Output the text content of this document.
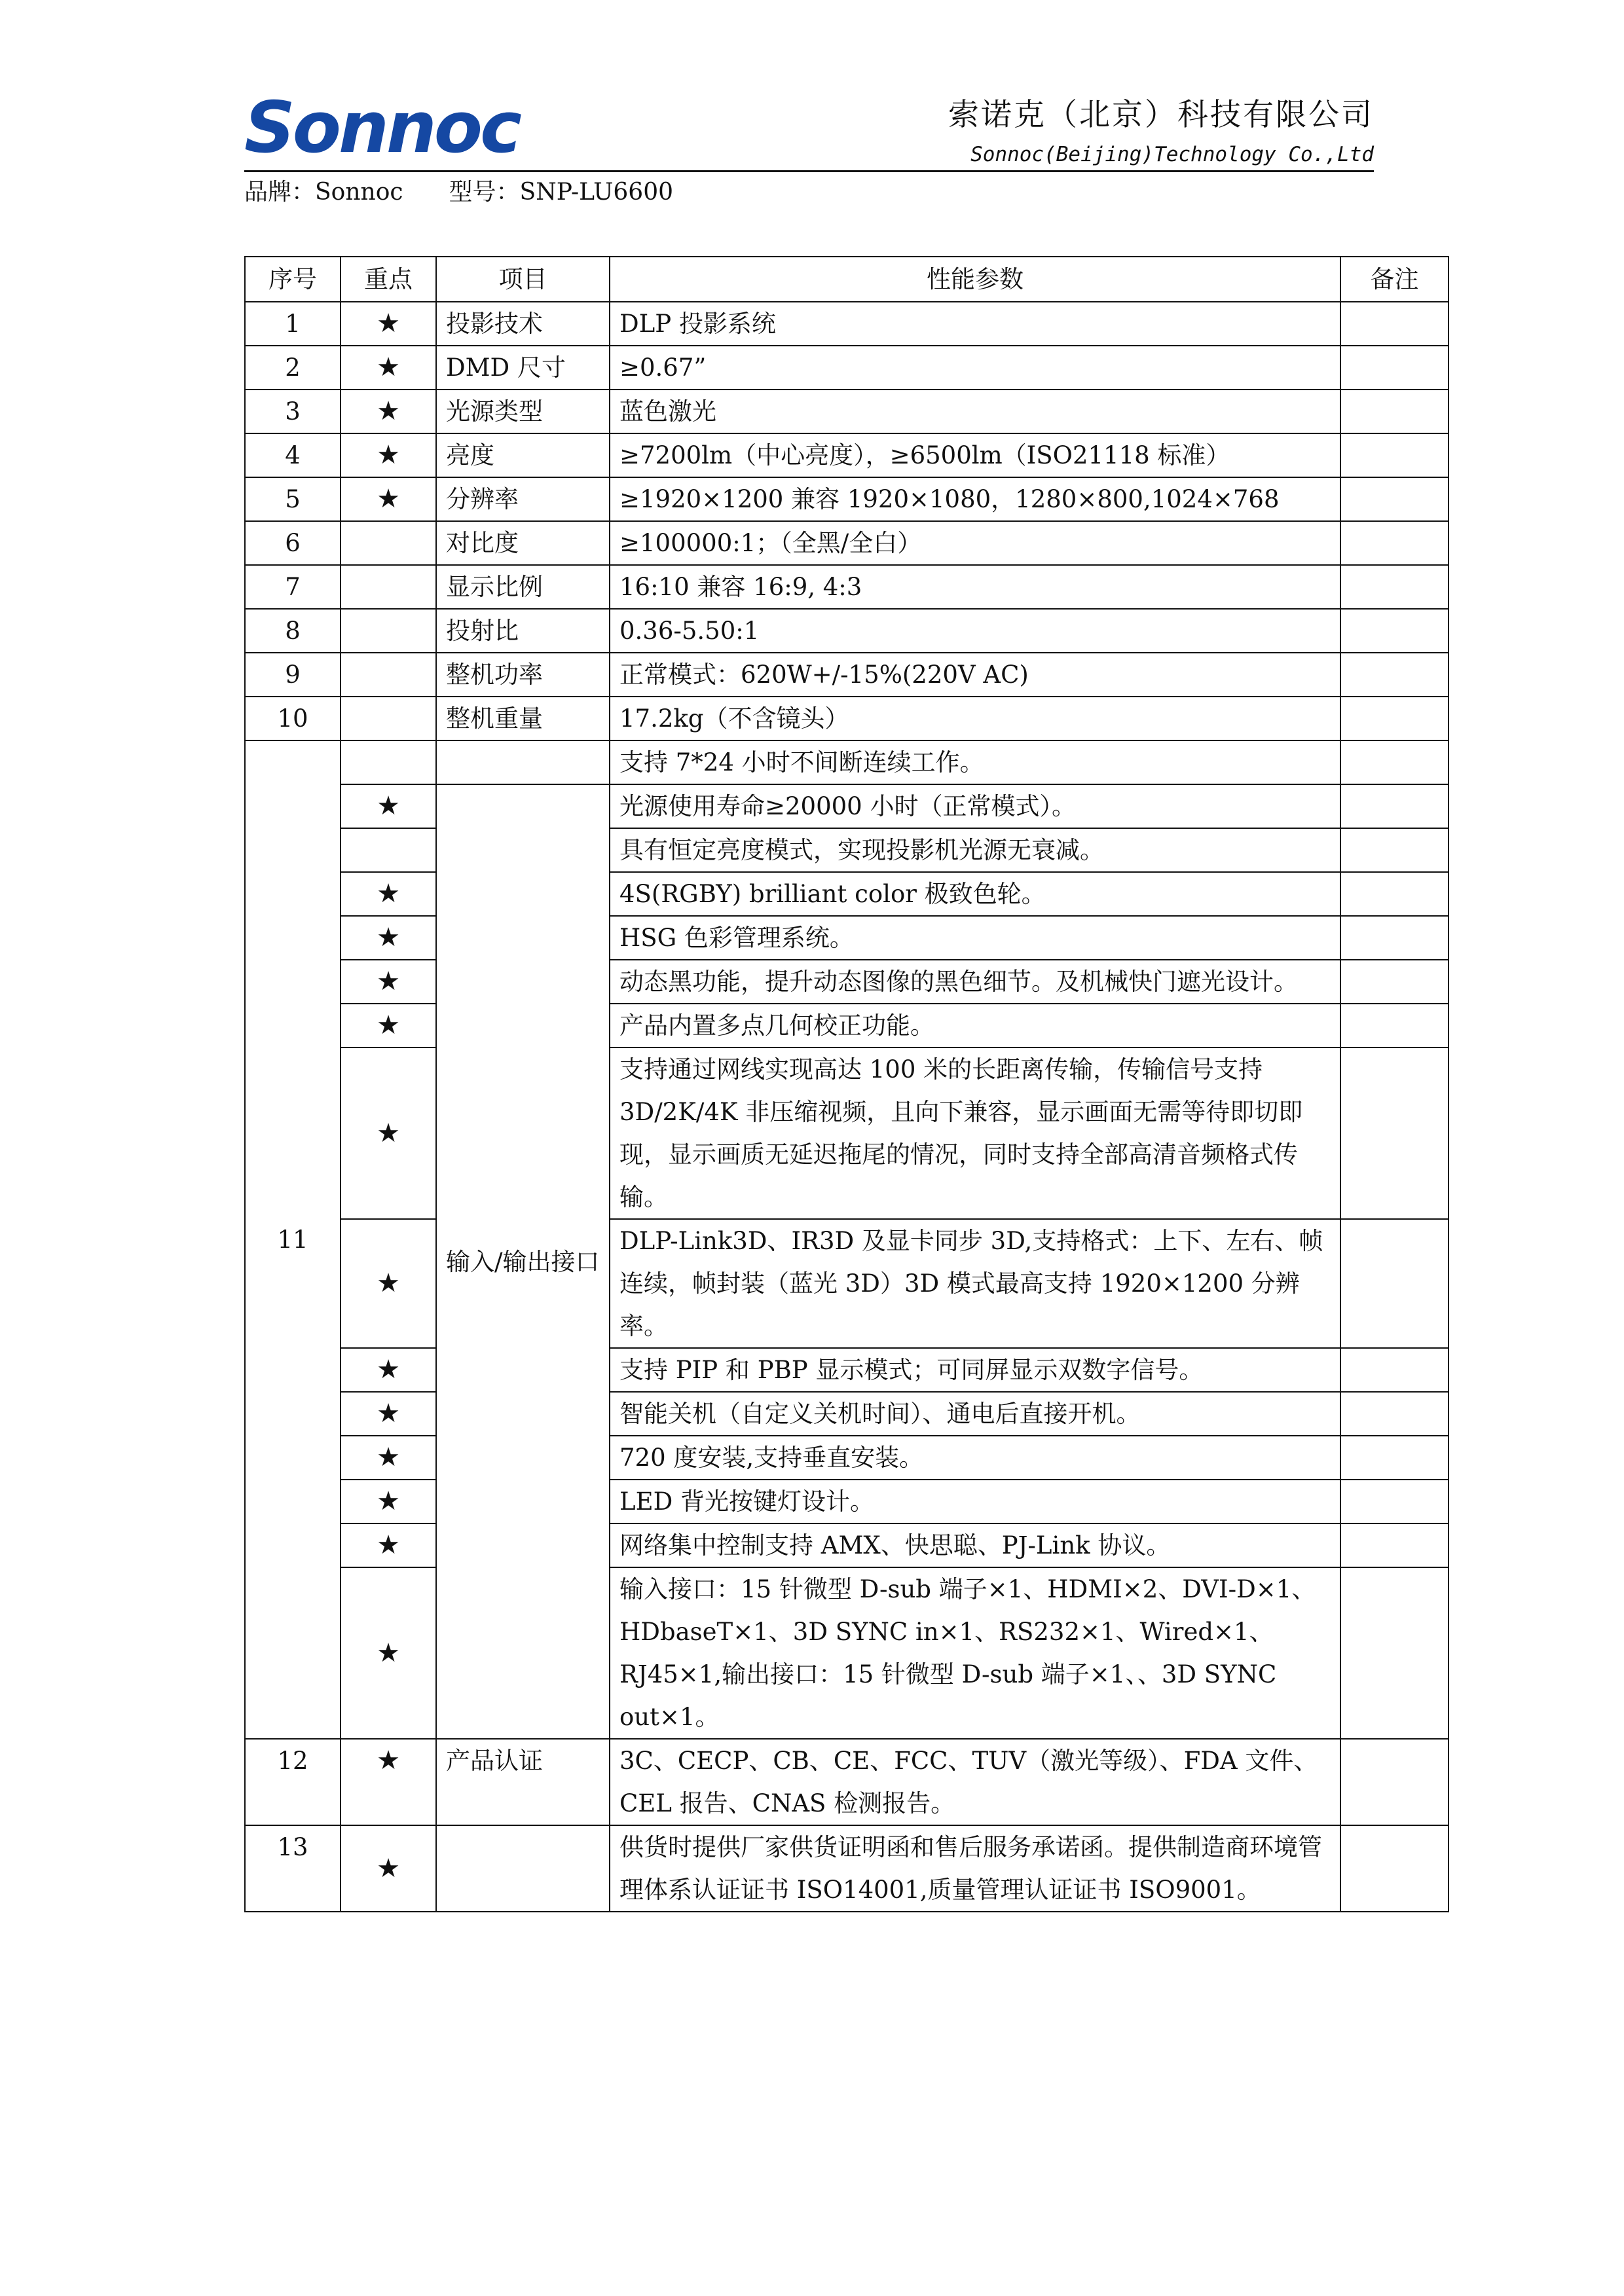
Sonnoc	索诺克（北京）科技有限公司
Sonnoc(Beijing)Technology Co.,Ltd
品牌：Sonnoc 型号：SNP-LU6600
序号	重点	项目	性能参数	备注
1	★	投影技术	DLP 投影系统	
2	★	DMD 尺寸	≥0.67”	
3	★	光源类型	蓝色激光	
4	★	亮度	≥7200lm（中心亮度），≥6500lm（ISO21118 标准）	
5	★	分辨率	≥1920×1200 兼容 1920×1080，1280×800,1024×768	
6		对比度	≥100000:1；（全黑/全白）	
7		显示比例	16:10 兼容 16:9, 4:3	
8		投射比	0.36-5.50:1	
9		整机功率	正常模式：620W+/-15%(220V AC)	
10		整机重量	17.2kg（不含镜头）	
11			支持 7*24 小时不间断连续工作。	
	★	输入/输出接口	光源使用寿命≥20000 小时（正常模式）。	
			具有恒定亮度模式，实现投影机光源无衰减。	
	★		4S(RGBY) brilliant color 极致色轮。	
	★		HSG 色彩管理系统。	
	★		动态黑功能，提升动态图像的黑色细节。及机械快门遮光设计。	
	★		产品内置多点几何校正功能。	
	★		支持通过网线实现高达 100 米的长距离传输，传输信号支持 3D/2K/4K 非压缩视频，且向下兼容，显示画面无需等待即切即现，显示画质无延迟拖尾的情况，同时支持全部高清音频格式传输。	
	★		DLP-Link3D、IR3D 及显卡同步 3D,支持格式：上下、左右、帧连续，帧封装（蓝光 3D）3D 模式最高支持 1920×1200 分辨率。	
	★		支持 PIP 和 PBP 显示模式；可同屏显示双数字信号。	
	★		智能关机（自定义关机时间）、通电后直接开机。	
	★		720 度安装,支持垂直安装。	
	★		LED 背光按键灯设计。	
	★		网络集中控制支持 AMX、快思聪、PJ-Link 协议。	
	★		输入接口：15 针微型 D-sub 端子×1、HDMI×2、DVI-D×1、HDbaseT×1、3D SYNC in×1、RS232×1、Wired×1、RJ45×1,输出接口：15 针微型 D-sub 端子×1、、3D SYNC out×1。	
12	★	产品认证	3C、CECP、CB、CE、FCC、TUV（激光等级）、FDA 文件、CEL 报告、CNAS 检测报告。	
13	★		供货时提供厂家供货证明函和售后服务承诺函。提供制造商环境管理体系认证证书 ISO14001,质量管理认证证书 ISO9001。	
